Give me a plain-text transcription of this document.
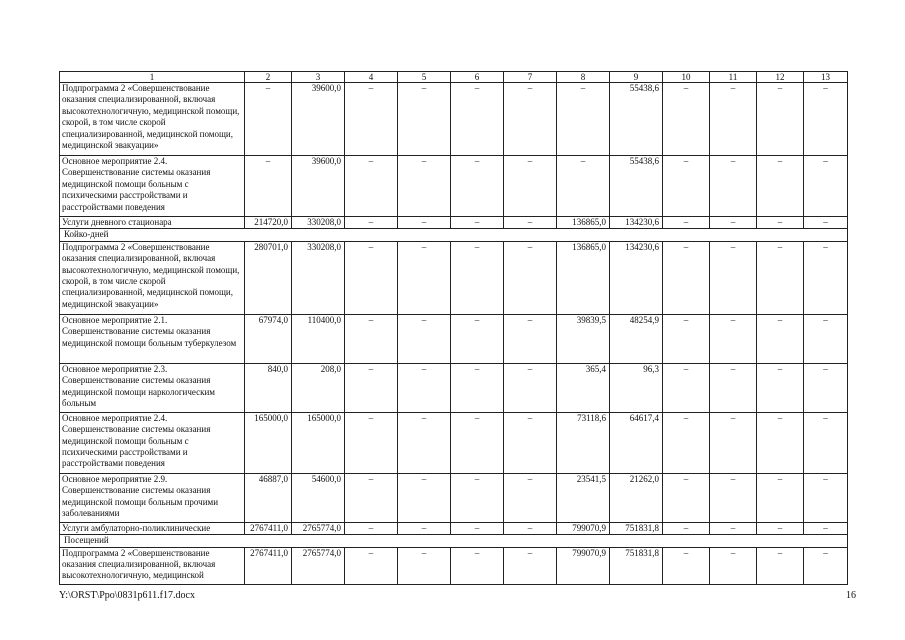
1	2	3	4	5	6	7	8	9	10	11	12	13
Подпрограмма 2 «Совершенствование оказания специализированной, включая высокотехнологичную, медицинской помощи, скорой, в том числе скорой специализированной, медицинской помощи, медицинской эвакуации»	–	39600,0	–	–	–	–	–	55438,6	–	–	–	–
Основное мероприятие 2.4. Совершенствование системы оказания медицинской помощи больным с психическими расстройствами и расстройствами поведения	–	39600,0	–	–	–	–	–	55438,6	–	–	–	–
Услуги дневного стационара	214720,0	330208,0	–	–	–	–	136865,0	134230,6	–	–	–	–
Койко-дней												
Подпрограмма 2 «Совершенствование оказания специализированной, включая высокотехнологичную, медицинской помощи, скорой, в том числе скорой специализированной, медицинской помощи, медицинской эвакуации»	280701,0	330208,0	–	–	–	–	136865,0	134230,6	–	–	–	–
Основное мероприятие 2.1. Совершенствование системы оказания медицинской помощи больным туберкулезом	67974,0	110400,0	–	–	–	–	39839,5	48254,9	–	–	–	–
Основное мероприятие 2.3. Совершенствование системы оказания медицинской помощи наркологическим больным	840,0	208,0	–	–	–	–	365,4	96,3	–	–	–	–
Основное мероприятие 2.4. Совершенствование системы оказания медицинской помощи больным с психическими расстройствами и расстройствами поведения	165000,0	165000,0	–	–	–	–	73118,6	64617,4	–	–	–	–
Основное мероприятие 2.9. Совершенствование системы оказания медицинской помощи больным прочими заболеваниями	46887,0	54600,0	–	–	–	–	23541,5	21262,0	–	–	–	–
Услуги амбулаторно-поликлинические	2767411,0	2765774,0	–	–	–	–	799070,9	751831,8	–	–	–	–
Посещений												
Подпрограмма 2 «Совершенствование оказания специализированной, включая высокотехнологичную, медицинской	2767411,0	2765774,0	–	–	–	–	799070,9	751831,8	–	–	–	–
Y:\ORST\Ppo\0831p611.f17.docx	16
